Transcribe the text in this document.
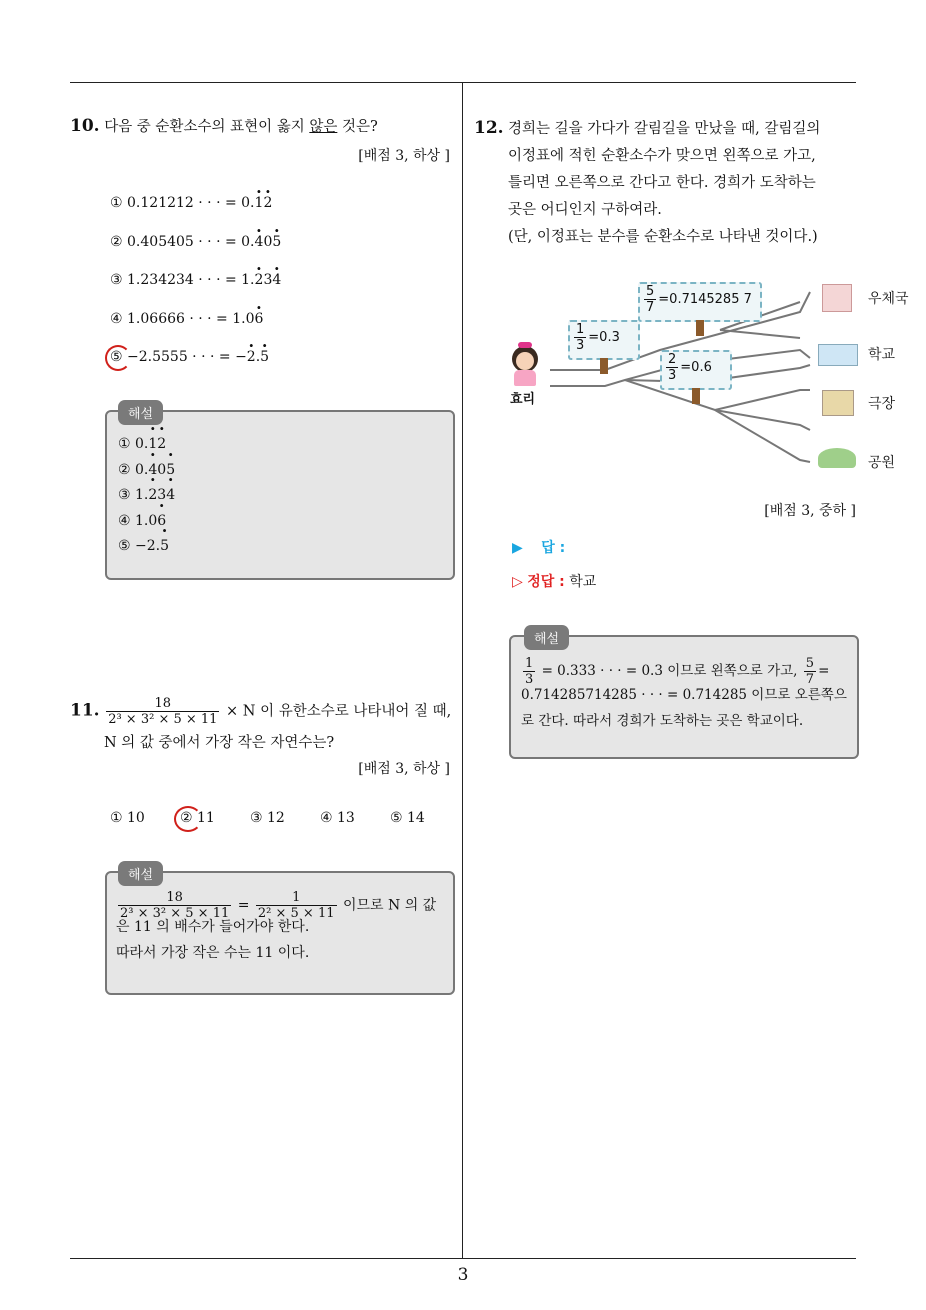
10. 다음 중 순환소수의 표현이 옳지 않은 것은?
[배점 3, 하상 ]
① 0.121212 · · · = 0.1 ·2 ·
② 0.405405 · · · = 0.4 ·05 ·
③ 1.234234 · · · = 1.2 ·34 ·
④ 1.06666 · · · = 1.06 ·
⑤ −2.5555 · · · = −2 ·.5 ·
해설
① 0.1 ·2 ·
② 0.4 ·05 ·
③ 1.2 ·34 ·
④ 1.06 ·
⑤ −2.5 ·
11. $\frac{18}{\text{2³ × 3² × 5 × 11}} \times N$ 이 유한소수로 나타내어 질 때,
N 의 값 중에서 가장 작은 자연수는?
[배점 3, 하상 ]
① 10	② 11	③ 12	④ 13	⑤ 14
해설
$\frac{18}{\text{2³ × 3² × 5 × 11}} = \frac{1}{\text{2² × 5 × 11}}$ 이므로 N 의 값
은 11 의 배수가 들어가야 한다.
따라서 가장 작은 수는 11 이다.
12. 경희는 길을 가다가 갈림길을 만났을 때, 갈림길의
이정표에 적힌 순환소수가 맞으면 왼쪽으로 가고,
틀리면 오른쪽으로 간다고 한다. 경희가 도착하는
곳은 어디인지 구하여라.
(단, 이정표는 분수를 순환소수로 나타낸 것이다.)
효리
$\frac{1}{3} =0.3$
$\frac{5}{7} =0.7145285$ 7
$\frac{2}{3} =0.6$
우체국
학교
극장
공원
[배점 3, 중하 ]
▶ 답 :
▷ 정답 : 학교
해설
$\frac{1}{3} = 0.333$ · · · = 0.3 이므로 왼쪽으로 가고, $\frac{5}{7}$ =
0.714285714285 · · · = 0.714285 이므로 오른쪽으
로 간다. 따라서 경희가 도착하는 곳은 학교이다.
3
